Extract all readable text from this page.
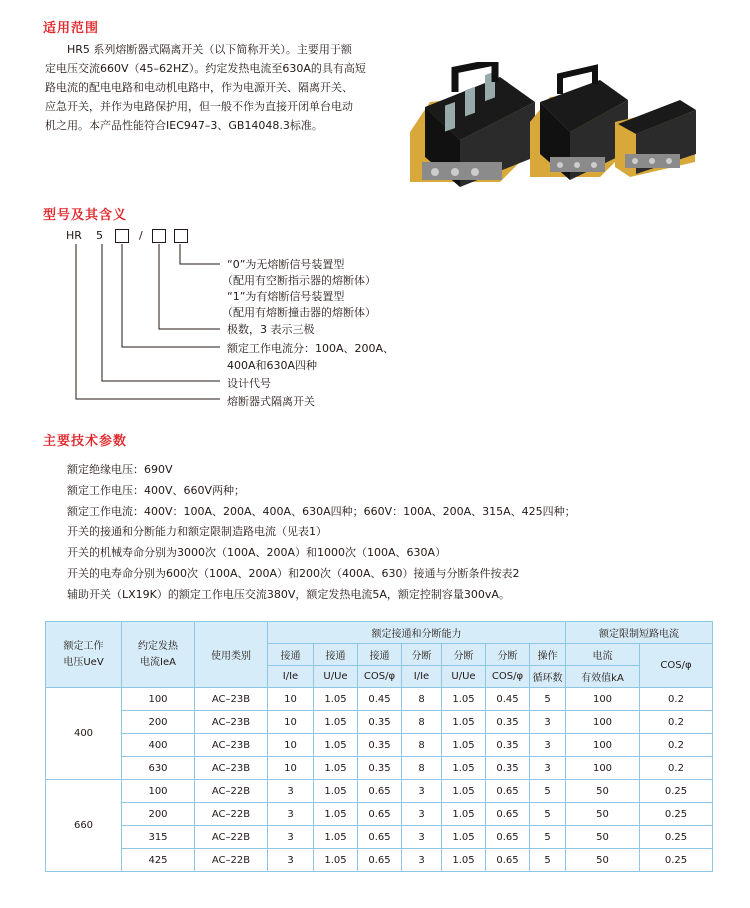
适用范围

HR5 系列熔断器式隔离开关（以下简称开关）。主要用于额

定电压交流660V（45–62HZ）。约定发热电流至630A的具有高短

路电流的配电电路和电动机电路中，作为电源开关、隔离开关、

应急开关，并作为电路保护用，但一般不作为直接开闭单台电动

机之用。本产品性能符合IEC947–3、GB14048.3标准。

型号及其含义
HR 5	/
“0”为无熔断信号装置型
（配用有空断指示器的熔断体）
“1”为有熔断信号装置型
（配用有熔断撞击器的熔断体）
极数，3 表示三极
额定工作电流分：100A、200A、
400A和630A四种
设计代号
熔断器式隔离开关
主要技术参数
额定绝缘电压：690V
额定工作电压：400V、660V两种；
额定工作电流：400V：100A、200A、400A、630A四种；660V：100A、200A、315A、425四种；
开关的接通和分断能力和额定限制造路电流（见表1）
开关的机械寿命分别为3000次（100A、200A）和1000次（100A、630A）
开关的电寿命分别为600次（100A、200A）和200次（400A、630）接通与分断条件按表2
辅助开关（LX19K）的额定工作电压交流380V，额定发热电流5A，额定控制容量300vA。
额定工作
电压UeV	约定发热
电流IeA	使用类别	额定接通和分断能力							额定限制短路电流	
			接通	接通	接通	分断	分断	分断	操作	电流	COS/φ
			I/Ie	U/Ue	COS/φ	I/Ie	U/Ue	COS/φ	循环数	有效值kA	
400	100	AC–23B	10	1.05	0.45	8	1.05	0.45	5	100	0.2
	200	AC–23B	10	1.05	0.35	8	1.05	0.35	3	100	0.2
	400	AC–23B	10	1.05	0.35	8	1.05	0.35	3	100	0.2
	630	AC–23B	10	1.05	0.35	8	1.05	0.35	3	100	0.2
660	100	AC–22B	3	1.05	0.65	3	1.05	0.65	5	50	0.25
	200	AC–22B	3	1.05	0.65	3	1.05	0.65	5	50	0.25
	315	AC–22B	3	1.05	0.65	3	1.05	0.65	5	50	0.25
	425	AC–22B	3	1.05	0.65	3	1.05	0.65	5	50	0.25
